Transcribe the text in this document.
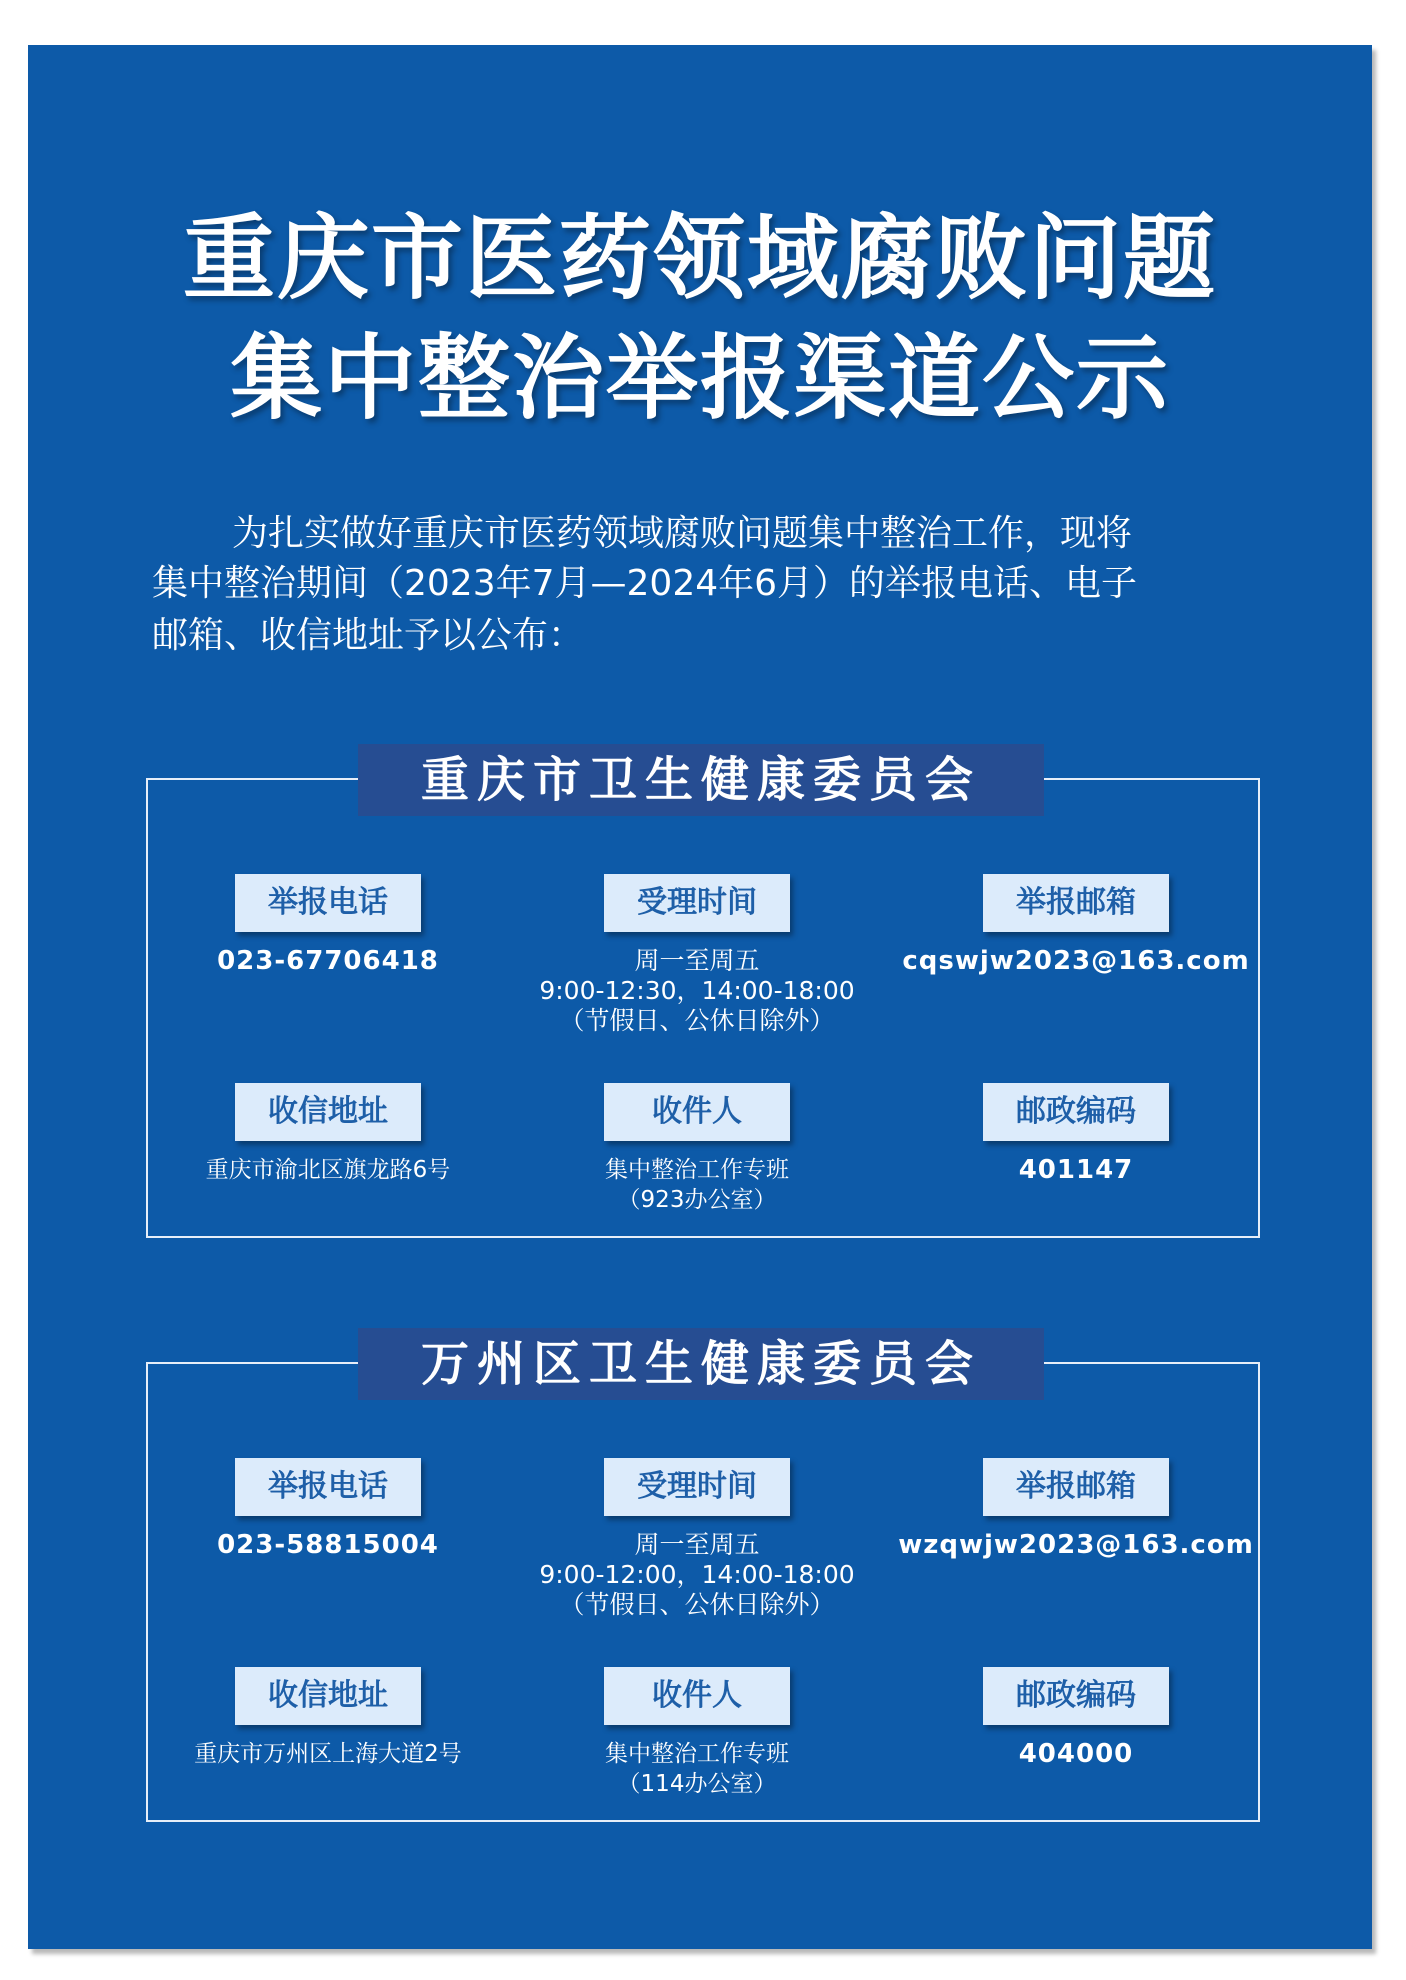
重庆市医药领域腐败问题
集中整治举报渠道公示
为扎实做好重庆市医药领域腐败问题集中整治工作，现将
集中整治期间（2023年7月—2024年6月）的举报电话、电子
邮箱、收信地址予以公布：
重庆市卫生健康委员会
举报电话
023-67706418
受理时间
周一至周五
9:00-12:30，14:00-18:00
（节假日、公休日除外）
举报邮箱
cqswjw2023@163.com
收信地址
重庆市渝北区旗龙路6号
收件人
集中整治工作专班
（923办公室）
邮政编码
401147
万州区卫生健康委员会
举报电话
023-58815004
受理时间
周一至周五
9:00-12:00，14:00-18:00
（节假日、公休日除外）
举报邮箱
wzqwjw2023@163.com
收信地址
重庆市万州区上海大道2号
收件人
集中整治工作专班
（114办公室）
邮政编码
404000
